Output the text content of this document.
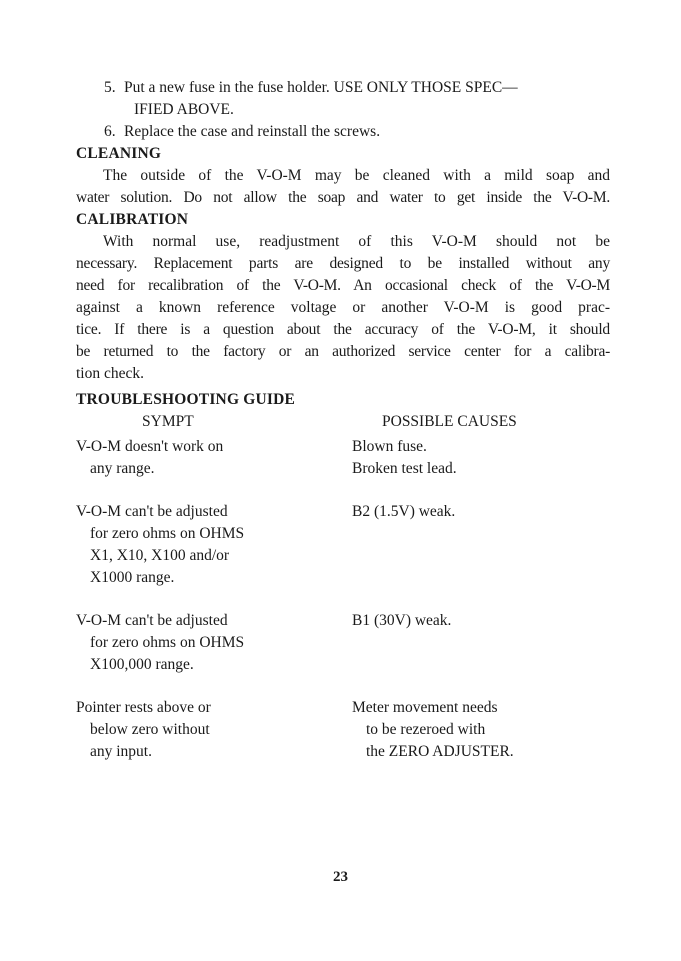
5. Put a new fuse in the fuse holder. USE ONLY THOSE SPEC—
IFIED ABOVE.
6. Replace the case and reinstall the screws.
CLEANING
The outside of the V-O-M may be cleaned with a mild soap and
water solution. Do not allow the soap and water to get inside the V-O-M.
CALIBRATION
With normal use, readjustment of this V-O-M should not be
necessary. Replacement parts are designed to be installed without any
need for recalibration of the V-O-M. An occasional check of the V-O-M
against a known reference voltage or another V-O-M is good prac-
tice. If there is a question about the accuracy of the V-O-M, it should
be returned to the factory or an authorized service center for a calibra-
tion check.
TROUBLESHOOTING GUIDE
SYMPT	POSSIBLE CAUSES
V-O-M doesn't work on
any range.
Blown fuse.
Broken test lead.
V-O-M can't be adjusted
for zero ohms on OHMS
X1, X10, X100 and/or
X1000 range.
B2 (1.5V) weak.
V-O-M can't be adjusted
for zero ohms on OHMS
X100,000 range.
B1 (30V) weak.
Pointer rests above or
below zero without
any input.
Meter movement needs
to be rezeroed with
the ZERO ADJUSTER.
23
